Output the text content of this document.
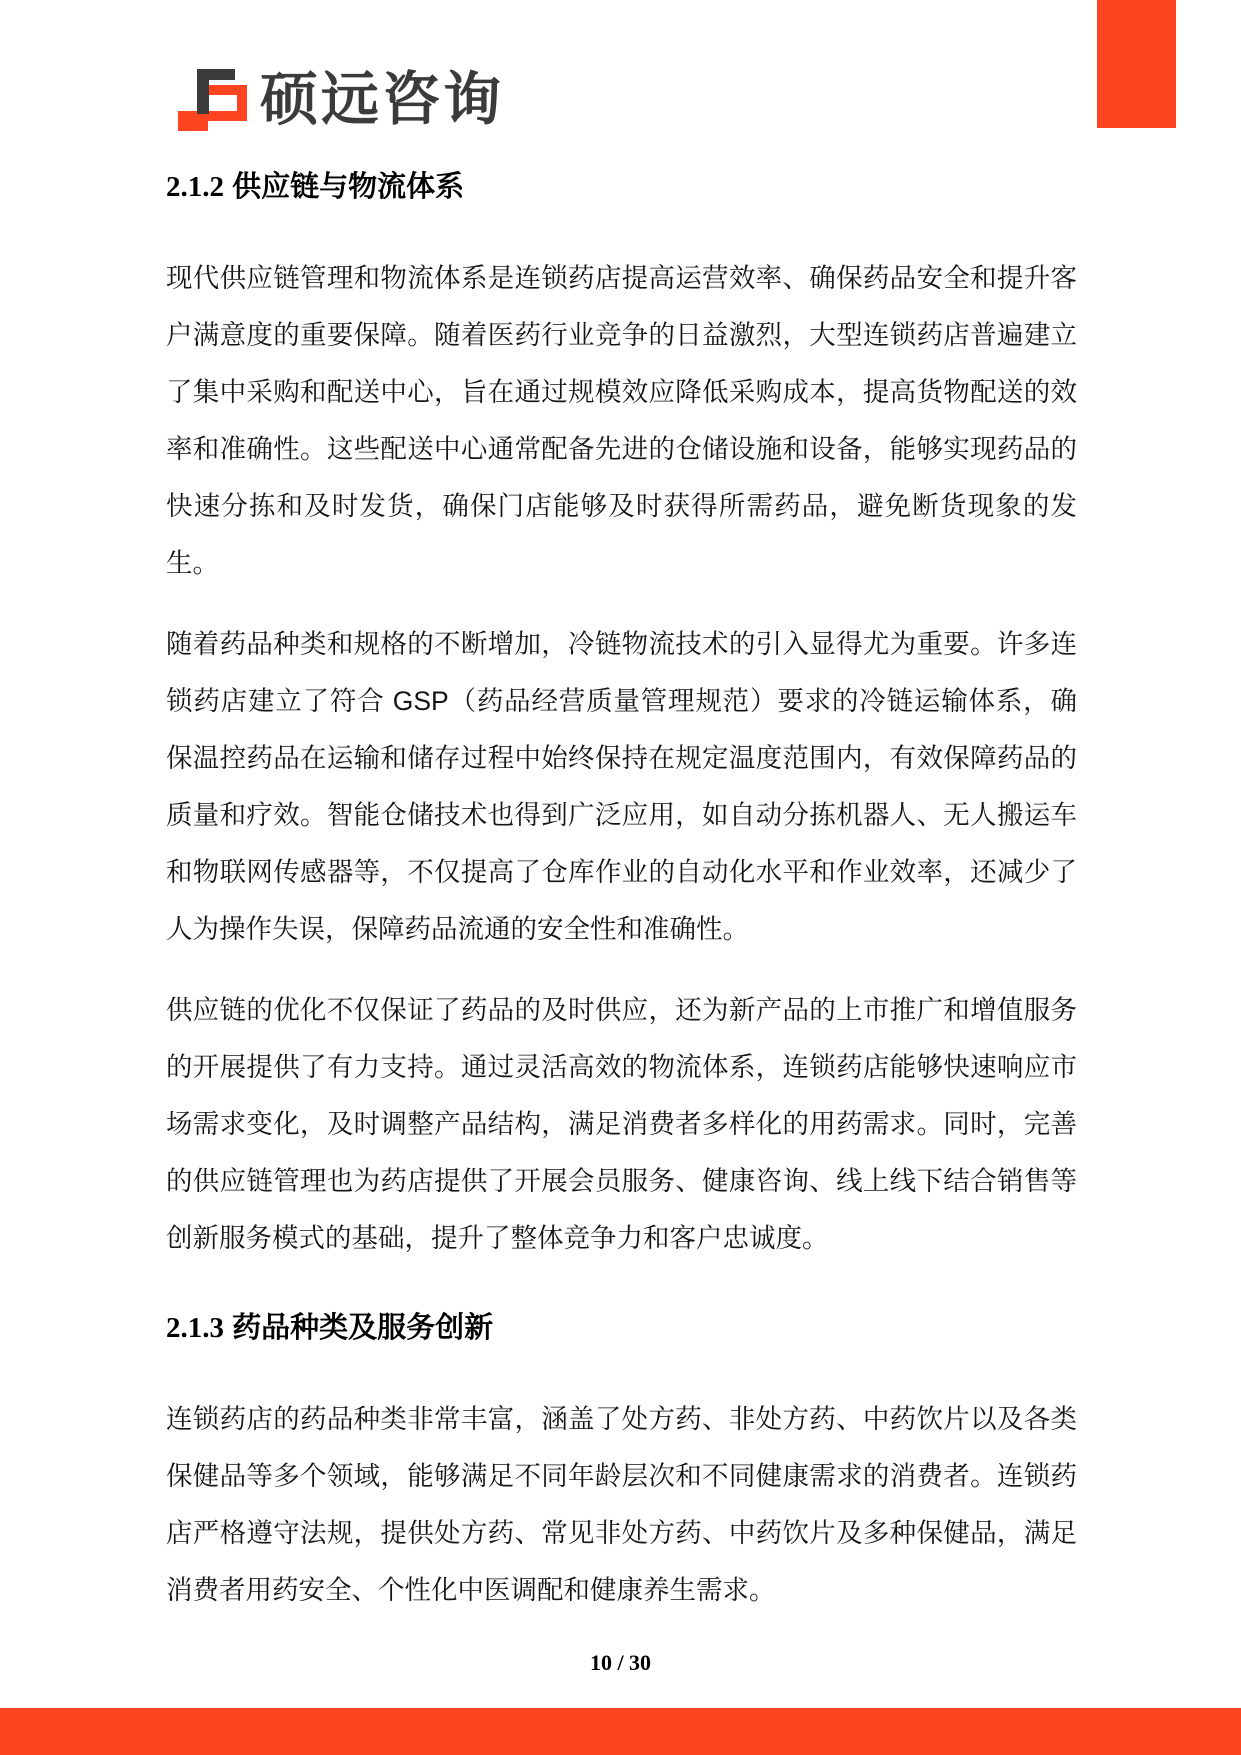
硕远咨询
2.1.2 供应链与物流体系

现代供应链管理和物流体系是连锁药店提高运营效率、确保药品安全和提升客户满意度的重要保障。随着医药行业竞争的日益激烈，大型连锁药店普遍建立了集中采购和配送中心，旨在通过规模效应降低采购成本，提高货物配送的效率和准确性。这些配送中心通常配备先进的仓储设施和设备，能够实现药品的快速分拣和及时发货，确保门店能够及时获得所需药品，避免断货现象的发生。

随着药品种类和规格的不断增加，冷链物流技术的引入显得尤为重要。许多连锁药店建立了符合 GSP（药品经营质量管理规范）要求的冷链运输体系，确保温控药品在运输和储存过程中始终保持在规定温度范围内，有效保障药品的质量和疗效。智能仓储技术也得到广泛应用，如自动分拣机器人、无人搬运车和物联网传感器等，不仅提高了仓库作业的自动化水平和作业效率，还减少了人为操作失误，保障药品流通的安全性和准确性。

供应链的优化不仅保证了药品的及时供应，还为新产品的上市推广和增值服务的开展提供了有力支持。通过灵活高效的物流体系，连锁药店能够快速响应市场需求变化，及时调整产品结构，满足消费者多样化的用药需求。同时，完善的供应链管理也为药店提供了开展会员服务、健康咨询、线上线下结合销售等创新服务模式的基础，提升了整体竞争力和客户忠诚度。

2.1.3 药品种类及服务创新

连锁药店的药品种类非常丰富，涵盖了处方药、非处方药、中药饮片以及各类保健品等多个领域，能够满足不同年龄层次和不同健康需求的消费者。连锁药店严格遵守法规，提供处方药、常见非处方药、中药饮片及多种保健品，满足消费者用药安全、个性化中医调配和健康养生需求。

10 / 30
